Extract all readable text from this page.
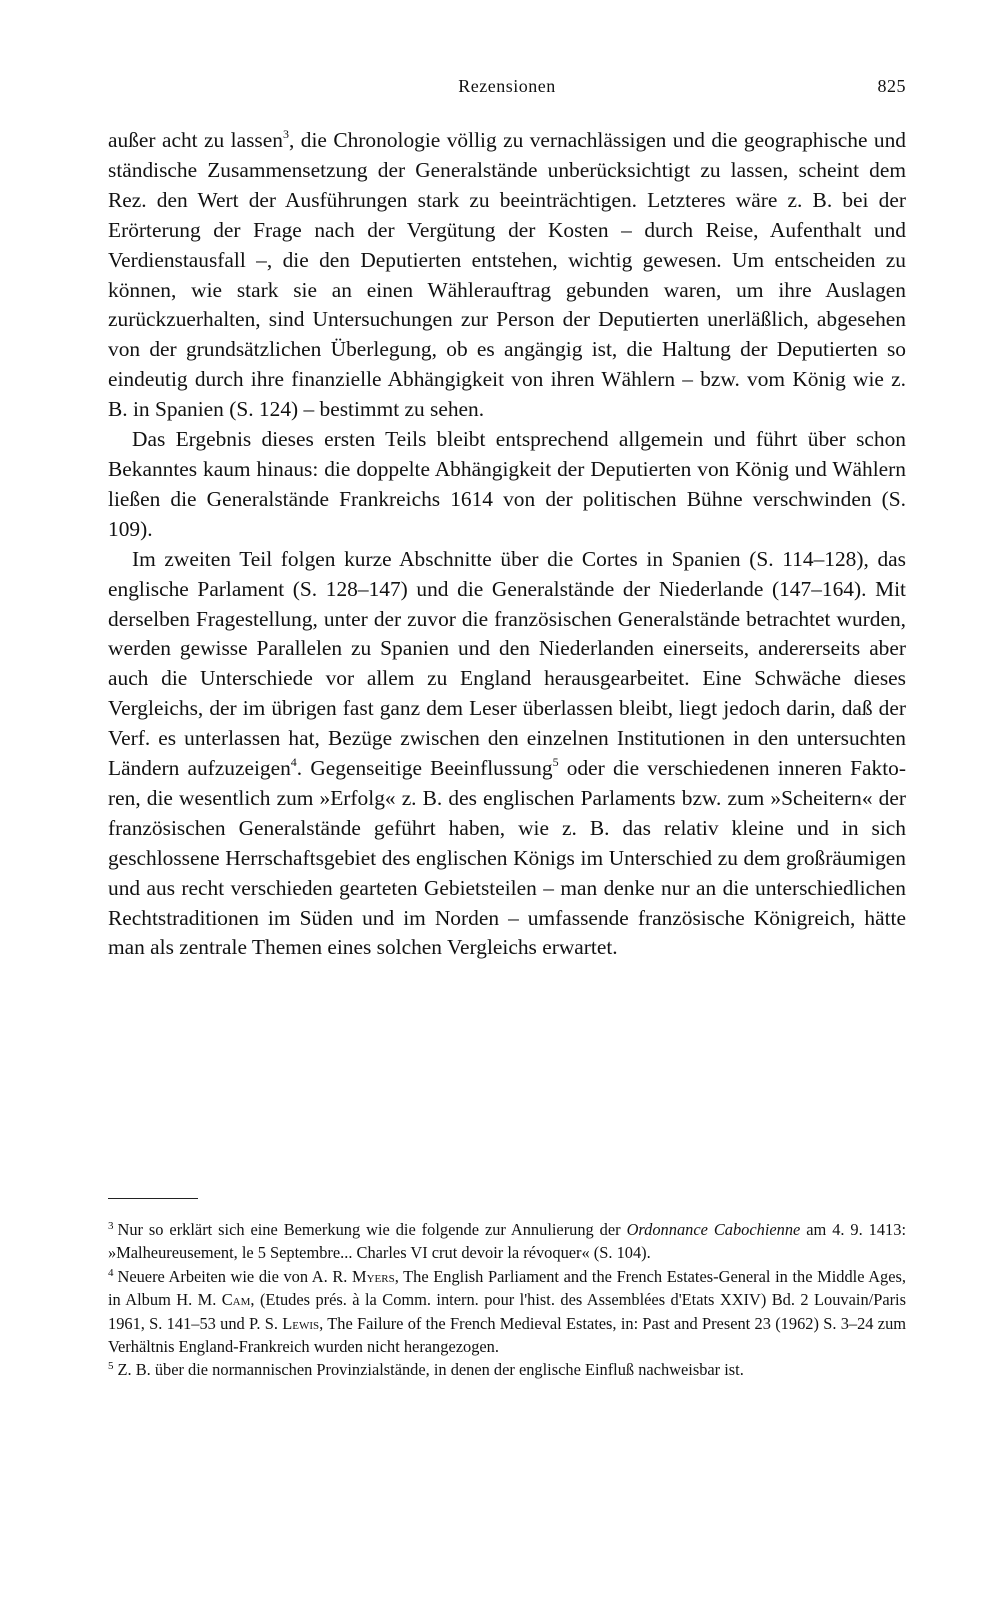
Rezensionen	825

außer acht zu lassen$^3$, die Chronologie völlig zu vernachlässigen und die geographische und ständische Zusammensetzung der Generalstände unberücksichtigt zu lassen, scheint dem Rez. den Wert der Ausführungen stark zu beeinträchtigen. Letzteres wäre z. B. bei der Erörterung der Frage nach der Vergütung der Kosten – durch Reise, Aufenthalt und Verdienstausfall –, die den Deputierten entstehen, wichtig gewesen. Um entscheiden zu können, wie stark sie an einen Wählerauftrag gebunden waren, um ihre Auslagen zurückzuerhalten, sind Untersuchungen zur Person der Deputierten unerläßlich, abgesehen von der grundsätzlichen Überlegung, ob es angängig ist, die Haltung der Deputierten so eindeutig durch ihre finanzielle Abhängigkeit von ihren Wählern – bzw. vom König wie z. B. in Spanien (S. 124) – bestimmt zu sehen.

Das Ergebnis dieses ersten Teils bleibt entsprechend allgemein und führt über schon Bekanntes kaum hinaus: die doppelte Abhängigkeit der Deputierten von König und Wählern ließen die Generalstände Frankreichs 1614 von der politischen Bühne verschwinden (S. 109).

Im zweiten Teil folgen kurze Abschnitte über die Cortes in Spanien (S. 114–128), das englische Parlament (S. 128–147) und die Generalstände der Niederlande (147–164). Mit derselben Fragestellung, unter der zuvor die französischen Generalstände betrachtet wurden, werden gewisse Parallelen zu Spanien und den Niederlanden einerseits, andererseits aber auch die Unterschiede vor allem zu England herausgearbeitet. Eine Schwäche dieses Vergleichs, der im übrigen fast ganz dem Leser überlassen bleibt, liegt jedoch darin, daß der Verf. es unterlassen hat, Bezüge zwischen den einzelnen Institutionen in den untersuchten Ländern aufzuzeigen$^4$. Gegenseitige Beeinflussung$^5$ oder die verschiedenen inneren Faktoren, die wesentlich zum »Erfolg« z. B. des englischen Parlaments bzw. zum »Scheitern« der französischen Generalstände geführt haben, wie z. B. das relativ kleine und in sich geschlossene Herrschaftsgebiet des englischen Königs im Unterschied zu dem großräumigen und aus recht verschieden gearteten Gebietsteilen – man denke nur an die unterschiedlichen Rechtstraditionen im Süden und im Norden – umfassende französische Königreich, hätte man als zentrale Themen eines solchen Vergleichs erwartet.

$^3$ Nur so erklärt sich eine Bemerkung wie die folgende zur Annulierung der Ordonnance Cabochienne am 4. 9. 1413: »Malheureusement, le 5 Septembre... Charles VI crut devoir la révoquer« (S. 104).

$^4$ Neuere Arbeiten wie die von A. R. Myers, The English Parliament and the French Estates-General in the Middle Ages, in Album H. M. Cam, (Etudes prés. à la Comm. intern. pour l'hist. des Assemblées d'Etats XXIV) Bd. 2 Louvain/Paris 1961, S. 141–53 und P. S. Lewis, The Failure of the French Medieval Estates, in: Past and Present 23 (1962) S. 3–24 zum Verhältnis England-Frankreich wurden nicht herangezogen.

$^5$ Z. B. über die normannischen Provinzialstände, in denen der englische Einfluß nachweisbar ist.
